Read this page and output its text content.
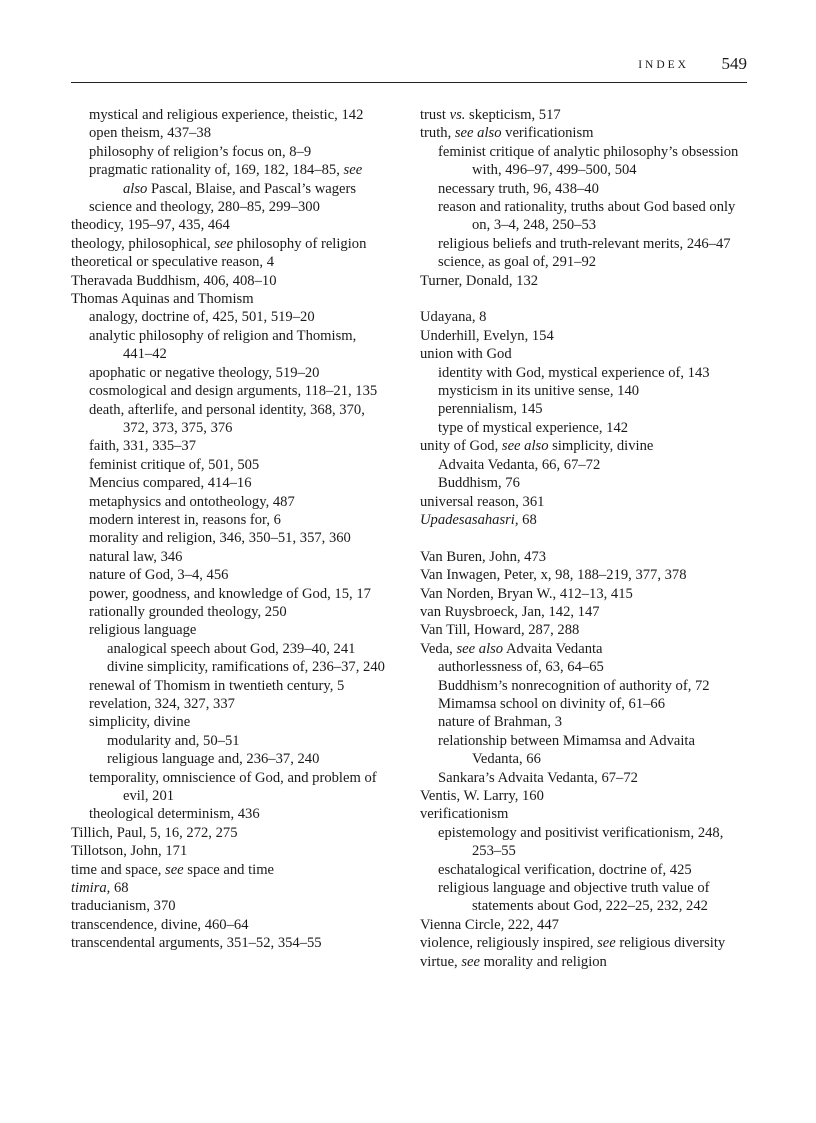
INDEX 549

mystical and religious experience, theistic, 142

open theism, 437–38

philosophy of religion’s focus on, 8–9

pragmatic rationality of, 169, 182, 184–85, see also Pascal, Blaise, and Pascal’s wagers

science and theology, 280–85, 299–300

theodicy, 195–97, 435, 464

theology, philosophical, see philosophy of religion

theoretical or speculative reason, 4

Theravada Buddhism, 406, 408–10

Thomas Aquinas and Thomism

analogy, doctrine of, 425, 501, 519–20

analytic philosophy of religion and Thomism, 441–42

apophatic or negative theology, 519–20

cosmological and design arguments, 118–21, 135

death, afterlife, and personal identity, 368, 370, 372, 373, 375, 376

faith, 331, 335–37

feminist critique of, 501, 505

Mencius compared, 414–16

metaphysics and ontotheology, 487

modern interest in, reasons for, 6

morality and religion, 346, 350–51, 357, 360

natural law, 346

nature of God, 3–4, 456

power, goodness, and knowledge of God, 15, 17

rationally grounded theology, 250

religious language

analogical speech about God, 239–40, 241

divine simplicity, ramifications of, 236–37, 240

renewal of Thomism in twentieth century, 5

revelation, 324, 327, 337

simplicity, divine

modularity and, 50–51

religious language and, 236–37, 240

temporality, omniscience of God, and problem of evil, 201

theological determinism, 436

Tillich, Paul, 5, 16, 272, 275

Tillotson, John, 171

time and space, see space and time

timira, 68

traducianism, 370

transcendence, divine, 460–64

transcendental arguments, 351–52, 354–55

trust vs. skepticism, 517

truth, see also verificationism

feminist critique of analytic philosophy’s obsession with, 496–97, 499–500, 504

necessary truth, 96, 438–40

reason and rationality, truths about God based only on, 3–4, 248, 250–53

religious beliefs and truth-relevant merits, 246–47

science, as goal of, 291–92

Turner, Donald, 132

Udayana, 8

Underhill, Evelyn, 154

union with God

identity with God, mystical experience of, 143

mysticism in its unitive sense, 140

perennialism, 145

type of mystical experience, 142

unity of God, see also simplicity, divine

Advaita Vedanta, 66, 67–72

Buddhism, 76

universal reason, 361

Upadesasahasri, 68

Van Buren, John, 473

Van Inwagen, Peter, x, 98, 188–219, 377, 378

Van Norden, Bryan W., 412–13, 415

van Ruysbroeck, Jan, 142, 147

Van Till, Howard, 287, 288

Veda, see also Advaita Vedanta

authorlessness of, 63, 64–65

Buddhism’s nonrecognition of authority of, 72

Mimamsa school on divinity of, 61–66

nature of Brahman, 3

relationship between Mimamsa and Advaita Vedanta, 66

Sankara’s Advaita Vedanta, 67–72

Ventis, W. Larry, 160

verificationism

epistemology and positivist verificationism, 248, 253–55

eschatalogical verification, doctrine of, 425

religious language and objective truth value of statements about God, 222–25, 232, 242

Vienna Circle, 222, 447

violence, religiously inspired, see religious diversity

virtue, see morality and religion
